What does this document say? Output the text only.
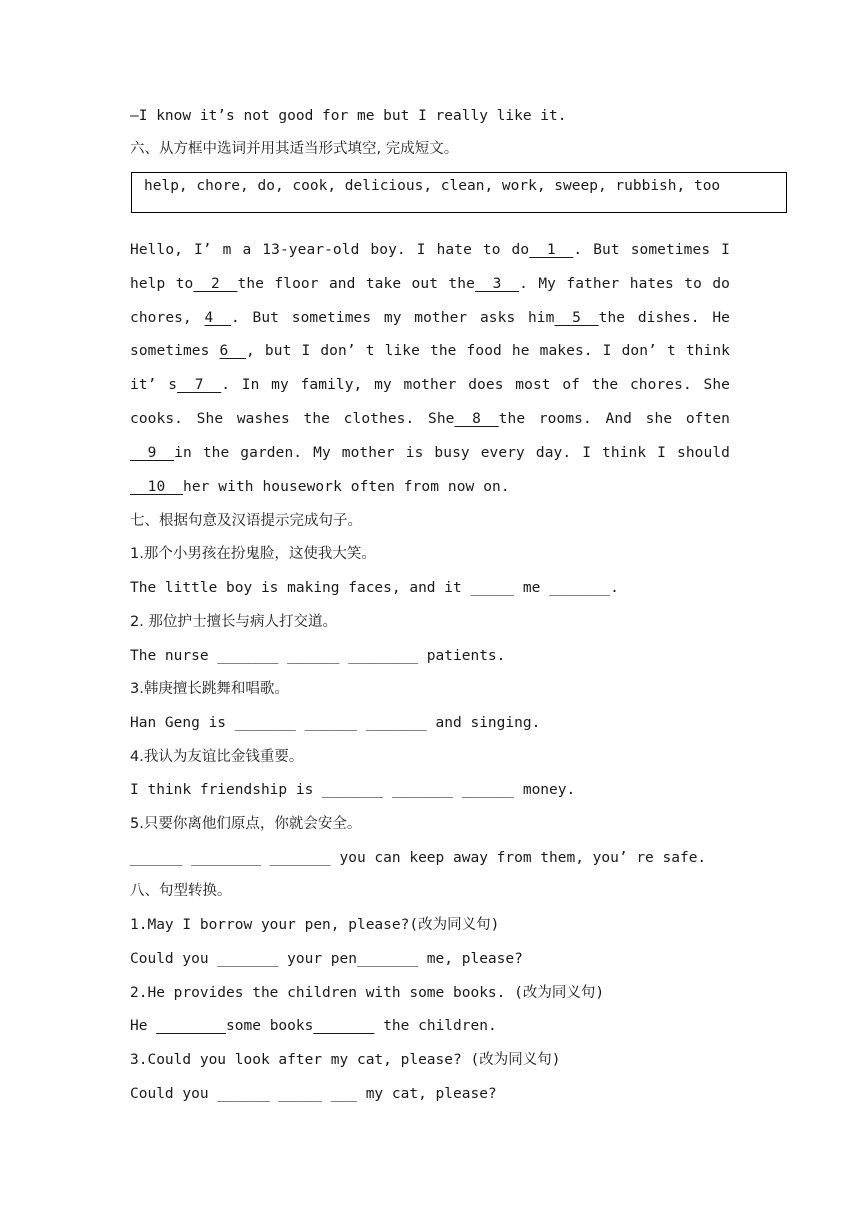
—I know it’s not good for me but I really like it.
六、从方框中选词并用其适当形式填空, 完成短文。
help, chore, do, cook, delicious, clean, work, sweep, rubbish, too
Hello, I’ m a 13-year-old boy. I hate to do  1  . But sometimes I help to  2  the floor and take out the  3  . My father hates to do chores, 4  . But sometimes my mother asks him  5  the dishes. He sometimes 6  , but I don’ t like the food he makes. I don’ t think it’ s  7  . In my family, my mother does most of the chores. She cooks. She washes the clothes. She  8  the rooms. And she often  9  in the garden. My mother is busy every day. I think I should  10  her with housework often from now on.
七、根据句意及汉语提示完成句子。
1.那个小男孩在扮鬼脸，这使我大笑。
The little boy is making faces, and it _____ me _______.
2. 那位护士擅长与病人打交道。
The nurse _______ ______ ________ patients.
3.韩庚擅长跳舞和唱歌。
Han Geng is _______ ______ _______ and singing.
4.我认为友谊比金钱重要。
I think friendship is _______ _______ ______ money.
5.只要你离他们原点，你就会安全。
______ ________ _______ you can keep away from them, you’ re safe.
八、句型转换。
1.May I borrow your pen, please?(改为同义句)
Could you _______ your pen_______ me, please?
2.He provides the children with some books. (改为同义句)
He	some books	the children.
3.Could you look after my cat, please? (改为同义句)
Could you ______ _____ ___ my cat, please?
